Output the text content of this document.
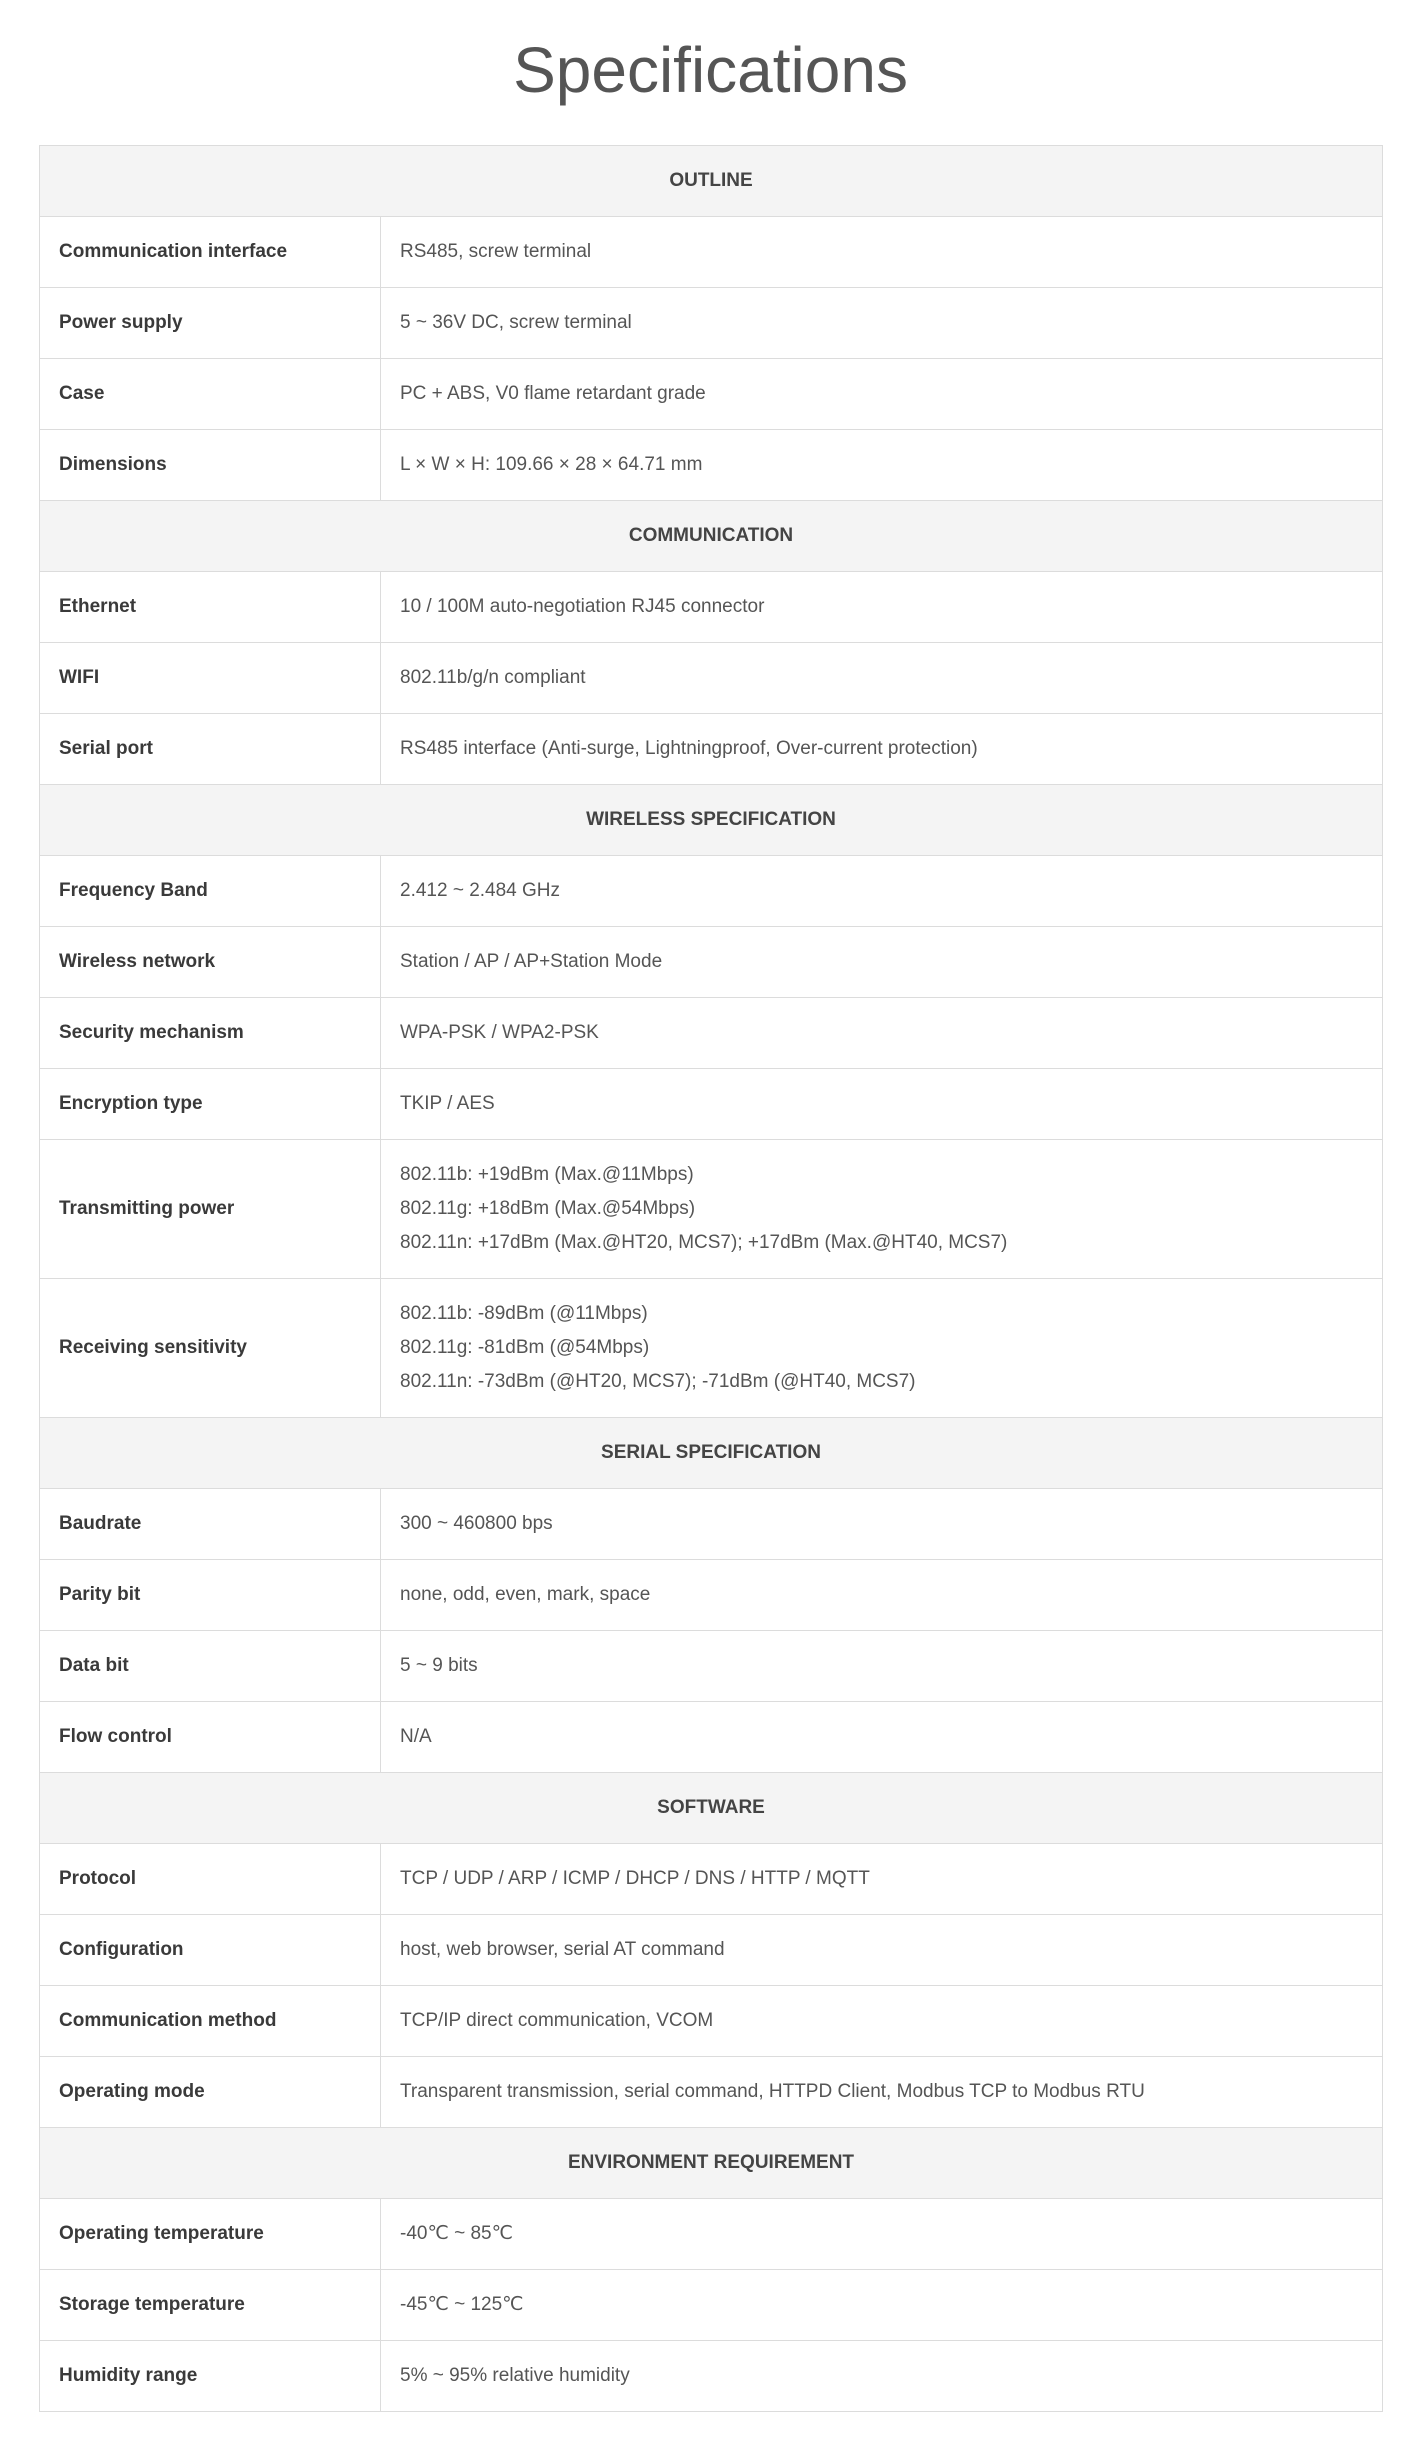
Specifications
OUTLINE	
Communication interface	RS485, screw terminal

Power supply	5 ~ 36V DC, screw terminal

Case	PC + ABS, V0 flame retardant grade

Dimensions	L × W × H: 109.66 × 28 × 64.71 mm

COMMUNICATION	
Ethernet	10 / 100M auto-negotiation RJ45 connector

WIFI	802.11b/g/n compliant

Serial port	RS485 interface (Anti-surge, Lightningproof, Over-current protection)

WIRELESS SPECIFICATION	
Frequency Band	2.412 ~ 2.484 GHz

Wireless network	Station / AP / AP+Station Mode

Security mechanism	WPA-PSK / WPA2-PSK

Encryption type	TKIP / AES

Transmitting power	802.11b: +19dBm (Max.@11Mbps)
802.11g: +18dBm (Max.@54Mbps)
802.11n: +17dBm (Max.@HT20, MCS7); +17dBm (Max.@HT40, MCS7)

Receiving sensitivity	802.11b: -89dBm (@11Mbps)
802.11g: -81dBm (@54Mbps)
802.11n: -73dBm (@HT20, MCS7); -71dBm (@HT40, MCS7)

SERIAL SPECIFICATION	
Baudrate	300 ~ 460800 bps

Parity bit	none, odd, even, mark, space

Data bit	5 ~ 9 bits

Flow control	N/A

SOFTWARE	
Protocol	TCP / UDP / ARP / ICMP / DHCP / DNS / HTTP / MQTT

Configuration	host, web browser, serial AT command

Communication method	TCP/IP direct communication, VCOM

Operating mode	Transparent transmission, serial command, HTTPD Client, Modbus TCP to Modbus RTU

ENVIRONMENT REQUIREMENT	
Operating temperature	-40℃ ~ 85℃

Storage temperature	-45℃ ~ 125℃

Humidity range	5% ~ 95% relative humidity
